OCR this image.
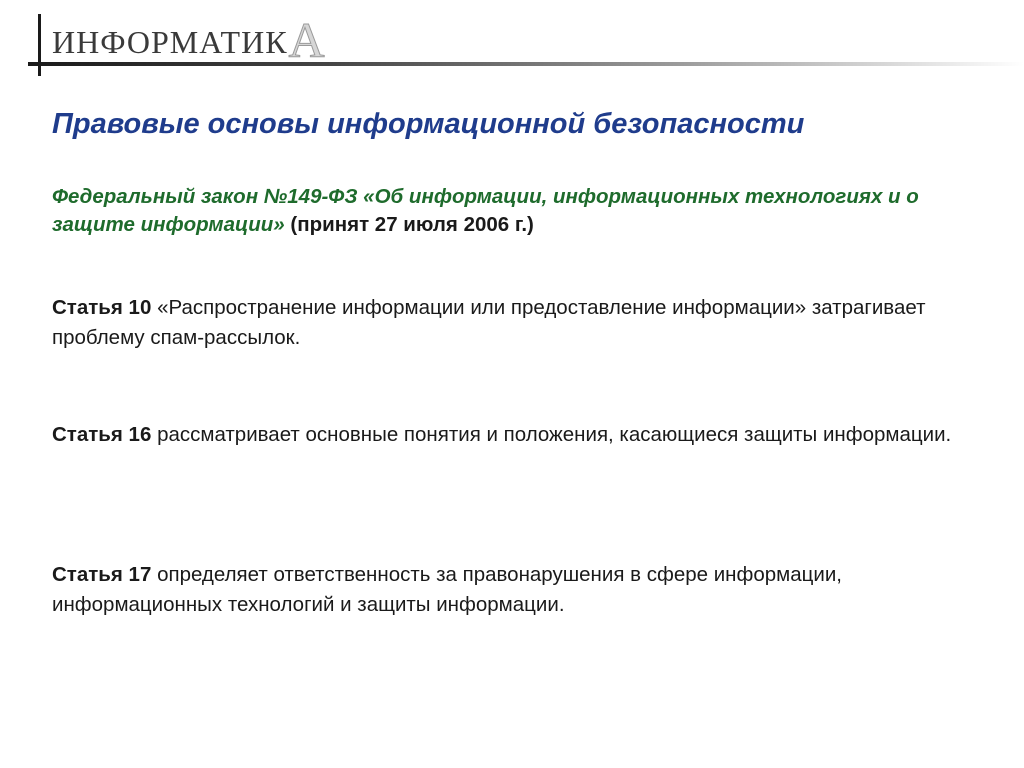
ИНФОРМАТИКА
Правовые основы информационной безопасности
Федеральный закон №149-ФЗ «Об информации, информационных технологиях и о защите информации» (принят 27 июля 2006 г.)
Статья 10 «Распространение информации или предоставление информации» затрагивает проблему спам-рассылок.
Статья 16 рассматривает основные понятия и положения, касающиеся защиты информации.
Статья 17 определяет ответственность за правонарушения в сфере информации, информационных технологий и защиты информации.
